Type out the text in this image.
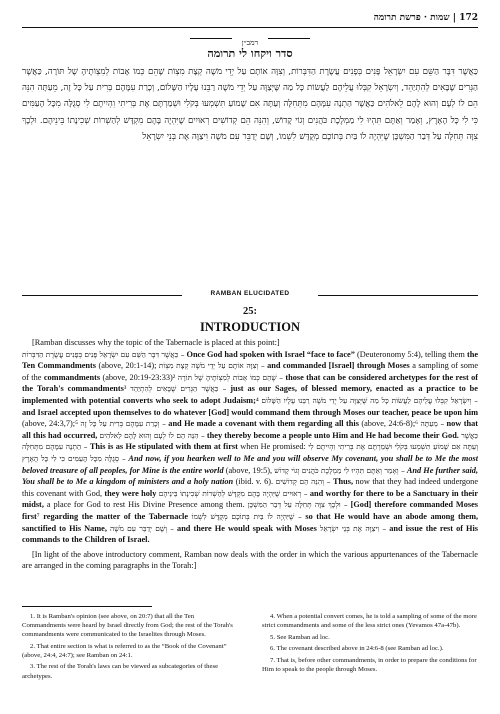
172 | שמות · פרשת תרומה
רמב״ן
סדר ויקחו לי תרומה
כַּאֲשֶׁר דִּבֶּר הַשֵּׁם עִם יִשְׂרָאֵל פָּנִים בְּפָנִים עֲשֶׂרֶת הַדִּבְּרוֹת, וְצִוָּה אוֹתָם עַל יְדֵי מֹשֶׁה קְצָת מִצְוֹת שֶׁהֵם כְּמוֹ אָבוֹת לְמִצְוֹתֶיהָ שֶׁל תּוֹרָה, כַּאֲשֶׁר הַגְּרִים שֶׁבָּאִים לְהִתְיַהֵד, וְיִשְׂרָאֵל קִבְּלוּ עֲלֵיהֶם לַעֲשׂוֹת כָּל מַה שֶּׁיְּצַוֶּה עַל יְדֵי מֹשֶׁה רַבֵּנוּ עָלָיו הַשָּׁלוֹם, וְכָרַת עִמָּהֶם בְּרִית עַל כָּל זֶה, מֵעַתָּה הִנֵּה הֵם לוֹ לְעָם וְהוּא לָהֶם לֵאלֹהִים כַּאֲשֶׁר הַתְנָה עִמָּהֶם מִתְּחִלָּה וְעַתָּה אִם שָׁמוֹעַ תִּשְׁמְעוּ בְּקֹלִי וּשְׁמַרְתֶּם אֶת בְּרִיתִי וִהְיִיתֶם לִי סְגֻלָּה מִכָּל הָעַמִּים כִּי לִי כָּל הָאָרֶץ, וְאָמַר וְאַתֶּם תִּהְיוּ לִי מַמְלֶכֶת כֹּהֲנִים וְגוֹי קָדוֹשׁ, וְהִנֵּה הֵם קְדוֹשִׁים רְאוּיִים שֶׁיִּהְיֶה בָּהֶם מִקְדָּשׁ לְהַשְׁרוֹת שְׁכִינָתוֹ בֵּינֵיהֶם. וּלְכָךְ צִוָּה תְּחִלָּה עַל דְּבַר הַמִּשְׁכָּן שֶׁיִּהְיֶה לוֹ בַּיִת בְּתוֹכָם מְקֻדָּשׁ לִשְׁמוֹ, וְשָׁם יְדַבֵּר עִם מֹשֶׁה וִיצַוֶּה אֶת בְּנֵי יִשְׂרָאֵל
RAMBAN ELUCIDATED
25:
INTRODUCTION

[Ramban discusses why the topic of the Tabernacle is placed at this point:]

כַּאֲשֶׁר דִּבֶּר הַשֵּׁם עִם יִשְׂרָאֵל פָּנִים בְּפָנִים עֲשֶׂרֶת הַדִּבְּרוֹת – Once God had spoken with Israel “face to face” (Deuteronomy 5:4), telling them the Ten Commandments (above, 20:1-14); וְצִוָּה אוֹתָם עַל יְדֵי מֹשֶׁה קְצָת מִצְוֹת – and commanded [Israel] through Moses a sampling of some of the commandments (above, 20:19-23:33)² שֶׁהֵם כְּמוֹ אָבוֹת לְמִצְוֹתֶיהָ שֶׁל תּוֹרָה – those that can be considered archetypes for the rest of the Torah's commandments³ כַּאֲשֶׁר הַגְּרִים שֶׁבָּאִים לְהִתְיַהֵד – just as our Sages, of blessed memory, enacted as a practice to be implemented with potential converts who seek to adopt Judaism;⁴ וְיִשְׂרָאֵל קִבְּלוּ עֲלֵיהֶם לַעֲשׂוֹת כָּל מַה שֶּׁיְּצַוֶּה עַל יְדֵי מֹשֶׁה רַבֵּנוּ עָלָיו הַשָּׁלוֹם – and Israel accepted upon themselves to do whatever [God] would command them through Moses our teacher, peace be upon him (above, 24:3,7);⁵ וְכָרַת עִמָּהֶם בְּרִית עַל כָּל זֶה – and He made a covenant with them regarding all this (above, 24:6-8);⁶ מֵעַתָּה – now that all this had occurred, הִנֵּה הֵם לוֹ לְעָם וְהוּא לָהֶם לֵאלֹהִים – they thereby become a people unto Him and He had become their God. כַּאֲשֶׁר הַתְנָה עִמָּהֶם מִתְּחִלָּה – This is as He stipulated with them at first when He promised: וְעַתָּה אִם שָׁמוֹעַ תִּשְׁמְעוּ בְּקֹלִי וּשְׁמַרְתֶּם אֶת בְּרִיתִי וִהְיִיתֶם לִי סְגֻלָּה מִכָּל הָעַמִּים כִּי לִי כָּל הָאָרֶץ – And now, if you hearken well to Me and you will observe My covenant, you shall be to Me the most beloved treasure of all peoples, for Mine is the entire world (above, 19:5), וְאָמַר וְאַתֶּם תִּהְיוּ לִי מַמְלֶכֶת כֹּהֲנִים וְגוֹי קָדוֹשׁ – And He further said, You shall be to Me a kingdom of ministers and a holy nation (ibid. v. 6). וְהִנֵּה הֵם קְדוֹשִׁים – Thus, now that they had indeed undergone this covenant with God, they were holy רְאוּיִים שֶׁיִּהְיֶה בָּהֶם מִקְדָּשׁ לְהַשְׁרוֹת שְׁכִינָתוֹ בֵּינֵיהֶם – and worthy for there to be a Sanctuary in their midst, a place for God to rest His Divine Presence among them. וּלְכָךְ צִוָּה תְּחִלָּה עַל דְּבַר הַמִּשְׁכָּן – [God] therefore commanded Moses first⁷ regarding the matter of the Tabernacle שֶׁיִּהְיֶה לוֹ בַּיִת בְּתוֹכָם מְקֻדָּשׁ לִשְׁמוֹ – so that He would have an abode among them, sanctified to His Name, וְשָׁם יְדַבֵּר עִם מֹשֶׁה – and there He would speak with Moses וִיצַוֶּה אֶת בְּנֵי יִשְׂרָאֵל – and issue the rest of His commands to the Children of Israel.

[In light of the above introductory comment, Ramban now deals with the order in which the various appurtenances of the Tabernacle are arranged in the coming paragraphs in the Torah:]

1. It is Ramban's opinion (see above, on 20:7) that all the Ten Commandments were heard by Israel directly from God; the rest of the Torah's commandments were communicated to the Israelites through Moses.

2. That entire section is what is referred to as the “Book of the Covenant” (above, 24:4, 24:7); see Ramban on 24:1.

3. The rest of the Torah's laws can be viewed as subcategories of these archetypes.

4. When a potential convert comes, he is told a sampling of some of the more strict commandments and some of the less strict ones (Yevamos 47a-47b).

5. See Ramban ad loc.

6. The covenant described above in 24:6-8 (see Ramban ad loc.).

7. That is, before other commandments, in order to prepare the conditions for Him to speak to the people through Moses.
